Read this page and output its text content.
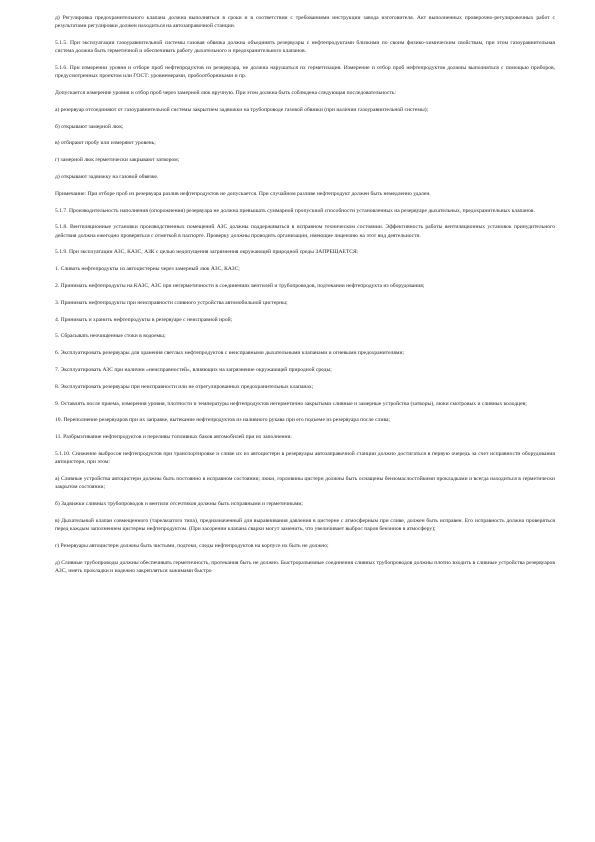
д) Регулировка предохранительного клапана должна выполняться в сроки и в соответствии с требованиями инструкции завода изготовителя. Акт выполненных проверочно-регулировочных работ с результатами регулировки должен находиться на автозаправочной станции.

5.1.5. При эксплуатации газоуравнительной системы газовая обвязка должна объединять резервуары с нефтепродуктами близкими по своим физико-химическим свойствам, при этом газоуравнительная система должна быть герметичной и обеспечивать работу дыхательного и предохранительного клапанов.

5.1.6. При измерении уровня и отборе проб нефтепродуктов из резервуара, не должна нарушаться их герметизация. Измерение и отбор проб нефтепродуктов должны выполняться с помощью приборов, предусмотренных проектом или ГОСТ: уровнемерами, пробоотборниками и пр.

Допускается измерение уровня и отбор проб через замерной люк вручную. При этом должна быть соблюдена следующая последовательность:

а) резервуар отсоединяют от газоуравнительной системы закрытием задвижки на трубопроводе газовой обвязки (при наличии газоуравнительной системы);

б) открывают замерной люк;

в) отбирают пробу или измеряют уровень;

г) замерной люк герметически закрывают затвором;

д) открывают задвижку на газовой обвязке.

Примечание: При отборе проб из резервуара разлив нефтепродуктов не допускается. При случайном разливе нефтепродукт должен быть немедленно удален.

5.1.7. Производительность наполнения (опорожнения) резервуара не должна превышать суммарной пропускной способности установленных на резервуаре дыхательных, предохранительных клапанов.

5.1.8. Вентиляционные установки производственных помещений АЗС должны поддерживаться в исправном техническом состоянии. Эффективность работы вентиляционных установок принудительного действия должна ежегодно проверяться с отметкой в паспорте. Проверку должны проводить организации, имеющие лицензию на этот вид деятельности.

5.1.9. При эксплуатации АЗС, КАЗС, АЗК с целью недопущения загрязнения окружающей природной среды ЗАПРЕЩАЕТСЯ:

1. Сливать нефтепродукты из автоцистерны через замерный люк АЗС, КАЗС;

2. Принимать нефтепродукты на КАЗС, АЗС при негерметичности в соединениях вентилей и трубопроводов, подтекании нефтепродукта из оборудования;

3. Принимать нефтепродукты при неисправности сливного устройства автомобильной цистерны;

4. Принимать и хранить нефтепродукты в резервуаре с неисправной ирой;

5. Сбрасывать неочищенные стоки в водоемы;

6. Эксплуатировать резервуары для хранения светлых нефтепродуктов с неисправными дыхательными клапанами и огневыми предохранителями;

7. Эксплуатировать АЗС при наличии «неисправностей», влияющих на загрязнение окружающей природной среды;

8. Эксплуатировать резервуары при неисправности или не отрегулированных предохранительных клапанах;

9. Оставлять после приема, измерения уровня, плотности и температуры нефтепродуктов негерметично закрытыми сливные и замерные устройства (затворы), люки смотровых и сливных колодцев;

10. Переполнение резервуаров при их заправке, вытекание нефтепродуктов из наливного рукава при его подъеме из резервуара после слива;

11. Разбрызгивание нефтепродуктов и переливы топливных баков автомобилей при их заполнении.

5.1.10. Снижение выбросов нефтепродуктов при транспортировке и сливе их из автоцистерн в резервуары автозаправочной станции должно достигаться в первую очередь за счет исправности оборудования автоцистерн, при этом:

а) Сливные устройства автоцистерн должны быть постоянно в исправном состоянии; люки, горловины цистерн должны быть оснащены бензомаслостойкими прокладками и всегда находиться в герметически закрытом состоянии;

б) Задвижки сливных трубопроводов и вентили отсечтиков должны быть исправными и герметичными;

в) Дыхательный клапан совмещенного (тарельчатого типа), предназначенный для выравнивания давления в цистерне с атмосферным при сливе, должен быть исправен. Его исправность должна проверяться перед каждым заполнением цистерны нефтепродуктом. (При засорении клапана сварки могут заменить, что увеличивает выброс паров бензинов в атмосферу);

г) Резервуары автоцистерн должны быть чистыми, подтеки, следы нефтепродуктов на корпусе их быть не должно;

д) Сливные трубопроводы должны обеспечивать герметичность, протекания быть не должно. Быстроразъемные соединения сливных трубопроводов должны плотно входить в сливные устройства резервуаров АЗС, иметь прокладки и надежно закрепляться зажимами быстро
